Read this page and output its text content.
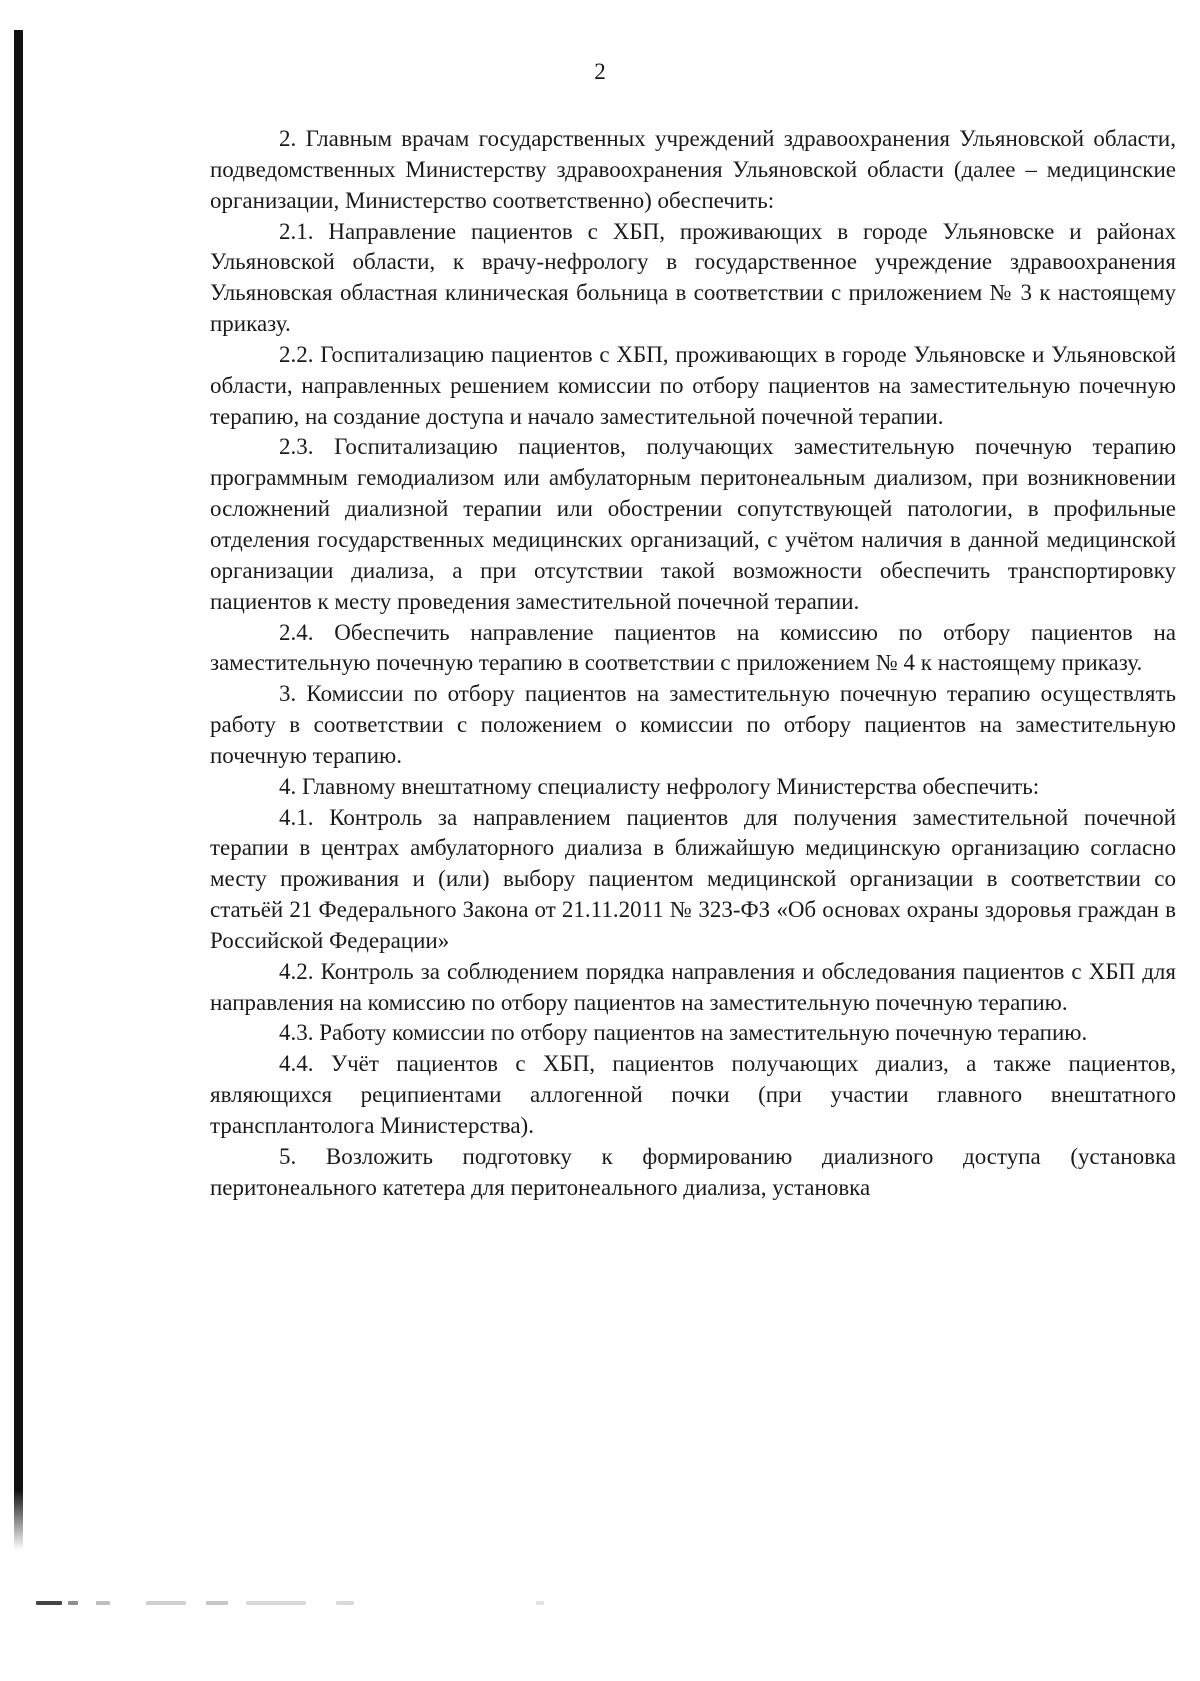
2

2. Главным врачам государственных учреждений здравоохранения Ульяновской области, подведомственных Министерству здравоохранения Ульяновской области (далее – медицинские организации, Министерство соответственно) обеспечить:

2.1. Направление пациентов с ХБП, проживающих в городе Ульяновске и районах Ульяновской области, к врачу-нефрологу в государственное учреждение здравоохранения Ульяновская областная клиническая больница в соответствии с приложением № 3 к настоящему приказу.

2.2. Госпитализацию пациентов с ХБП, проживающих в городе Ульяновске и Ульяновской области, направленных решением комиссии по отбору пациентов на заместительную почечную терапию, на создание доступа и начало заместительной почечной терапии.

2.3. Госпитализацию пациентов, получающих заместительную почечную терапию программным гемодиализом или амбулаторным перитонеальным диализом, при возникновении осложнений диализной терапии или обострении сопутствующей патологии, в профильные отделения государственных медицинских организаций, с учётом наличия в данной медицинской организации диализа, а при отсутствии такой возможности обеспечить транспортировку пациентов к месту проведения заместительной почечной терапии.

2.4. Обеспечить направление пациентов на комиссию по отбору пациентов на заместительную почечную терапию в соответствии с приложением № 4 к настоящему приказу.

3. Комиссии по отбору пациентов на заместительную почечную терапию осуществлять работу в соответствии с положением о комиссии по отбору пациентов на заместительную почечную терапию.

4. Главному внештатному специалисту нефрологу Министерства обеспечить:

4.1. Контроль за направлением пациентов для получения заместительной почечной терапии в центрах амбулаторного диализа в ближайшую медицинскую организацию согласно месту проживания и (или) выбору пациентом медицинской организации в соответствии со статьёй 21 Федерального Закона от 21.11.2011 № 323-ФЗ «Об основах охраны здоровья граждан в Российской Федерации»

4.2. Контроль за соблюдением порядка направления и обследования пациентов с ХБП для направления на комиссию по отбору пациентов на заместительную почечную терапию.

4.3. Работу комиссии по отбору пациентов на заместительную почечную терапию.

4.4. Учёт пациентов с ХБП, пациентов получающих диализ, а также пациентов, являющихся реципиентами аллогенной почки (при участии главного внештатного трансплантолога Министерства).

5. Возложить подготовку к формированию диализного доступа (установка перитонеального катетера для перитонеального диализа, установка
